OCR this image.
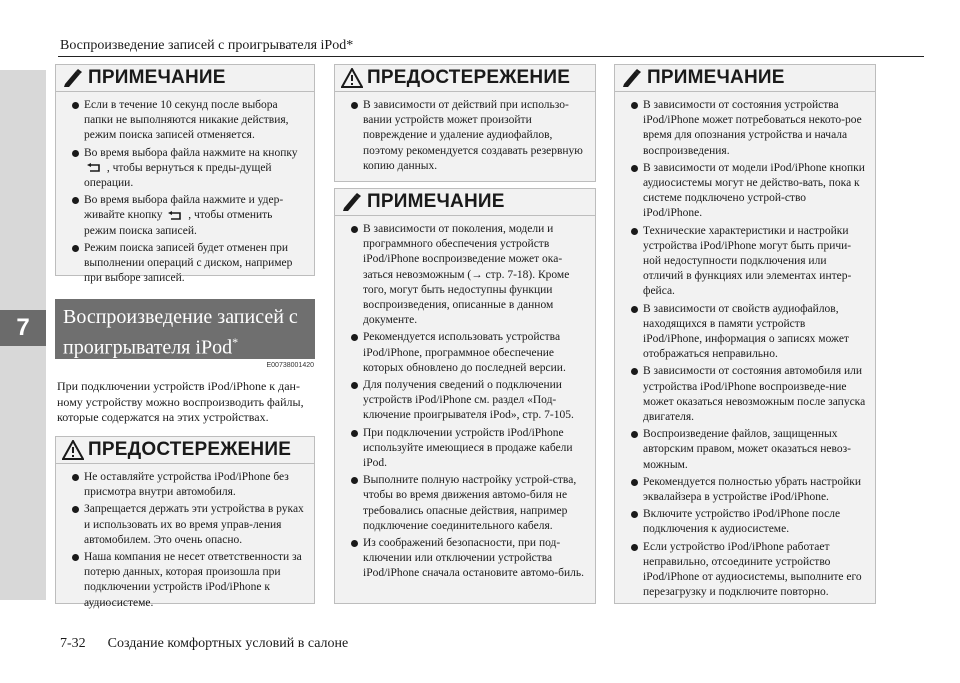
Воспроизведение записей с проигрывателя iPod*
7
7-32 Создание комфортных условий в салоне
ПРИМЕЧАНИЕ
Если в течение 10 секунд после выбора папки не выполняются никакие действия, режим поиска записей отменяется.
Во время выбора файла нажмите на кнопку  , чтобы вернуться к преды-дущей операции.
Во время выбора файла нажмите и удер-живайте кнопку , чтобы отменить режим поиска записей.
Режим поиска записей будет отменен при выполнении операций с диском, например при выборе записей.
Воспроизведение записей с проигрывателя iPod*
E00738001420
При подключении устройств iPod/iPhone к дан-ному устройству можно воспроизводить файлы, которые содержатся на этих устройствах.
ПРЕДОСТЕРЕЖЕНИЕ
Не оставляйте устройства iPod/iPhone без присмотра внутри автомобиля.
Запрещается держать эти устройства в руках и использовать их во время управ-ления автомобилем. Это очень опасно.
Наша компания не несет ответственности за потерю данных, которая произошла при подключении устройств iPod/iPhone к аудиосистеме.
ПРЕДОСТЕРЕЖЕНИЕ
В зависимости от действий при использо-вании устройств может произойти повреждение и удаление аудиофайлов, поэтому рекомендуется создавать резервную копию данных.
ПРИМЕЧАНИЕ
В зависимости от поколения, модели и программного обеспечения устройств iPod/iPhone воспроизведение может ока-заться невозможным (→ стр. 7-18). Кроме того, могут быть недоступны функции воспроизведения, описанные в данном документе.
Рекомендуется использовать устройства iPod/iPhone, программное обеспечение которых обновлено до последней версии.
Для получения сведений о подключении устройств iPod/iPhone см. раздел «Под-ключение проигрывателя iPod», стр. 7-105.
При подключении устройств iPod/iPhone используйте имеющиеся в продаже кабели iPod.
Выполните полную настройку устрой-ства, чтобы во время движения автомо-биля не требовались опасные действия, например подключение соединительного кабеля.
Из соображений безопасности, при под-ключении или отключении устройства iPod/iPhone сначала остановите автомо-биль.
ПРИМЕЧАНИЕ
В зависимости от состояния устройства iPod/iPhone может потребоваться некото-рое время для опознания устройства и начала воспроизведения.
В зависимости от модели iPod/iPhone кнопки аудиосистемы могут не действо-вать, пока к системе подключено устрой-ство iPod/iPhone.
Технические характеристики и настройки устройства iPod/iPhone могут быть причи-ной недоступности подключения или отличий в функциях или элементах интер-фейса.
В зависимости от свойств аудиофайлов, находящихся в памяти устройств iPod/iPhone, информация о записях может отображаться неправильно.
В зависимости от состояния автомобиля или устройства iPod/iPhone воспроизведе-ние может оказаться невозможным после запуска двигателя.
Воспроизведение файлов, защищенных авторским правом, может оказаться невоз-можным.
Рекомендуется полностью убрать настройки эквалайзера в устройстве iPod/iPhone.
Включите устройство iPod/iPhone после подключения к аудиосистеме.
Если устройство iPod/iPhone работает неправильно, отсоедините устройство iPod/iPhone от аудиосистемы, выполните его перезагрузку и подключите повторно.
